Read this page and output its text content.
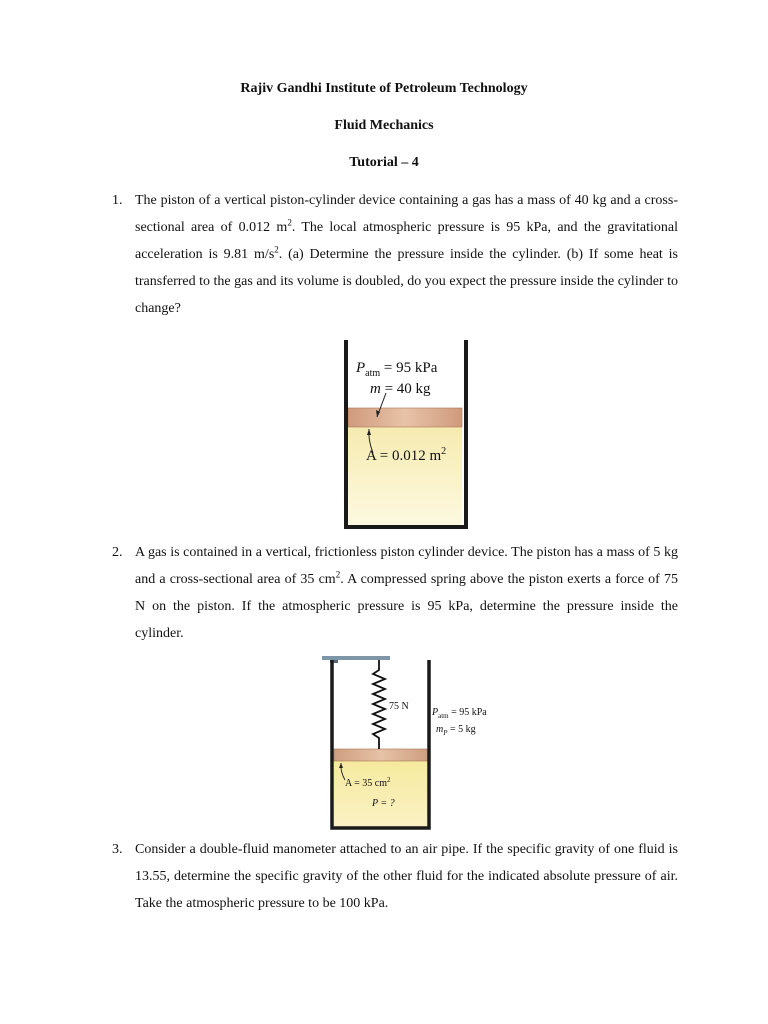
Rajiv Gandhi Institute of Petroleum Technology
Fluid Mechanics
Tutorial – 4
1. The piston of a vertical piston-cylinder device containing a gas has a mass of 40 kg and a cross-sectional area of 0.012 $m^2$. The local atmospheric pressure is 95 kPa, and the gravitational acceleration is 9.81 $m/s^2$. (a) Determine the pressure inside the cylinder. (b) If some heat is transferred to the gas and its volume is doubled, do you expect the pressure inside the cylinder to change?
$P_{atm} = 95$ kPa
m = 40 kg
A = 0.012 $m^2$
2. A gas is contained in a vertical, frictionless piston cylinder device. The piston has a mass of 5 kg and a cross-sectional area of 35 $cm^2$. A compressed spring above the piston exerts a force of 75 N on the piston. If the atmospheric pressure is 95 kPa, determine the pressure inside the cylinder.
75 N
$P_{atm} = 95$ kPa
$m_P = 5$ kg
A = 35 $cm^2$
P = ?
3. Consider a double-fluid manometer attached to an air pipe. If the specific gravity of one fluid is 13.55, determine the specific gravity of the other fluid for the indicated absolute pressure of air. Take the atmospheric pressure to be 100 kPa.
